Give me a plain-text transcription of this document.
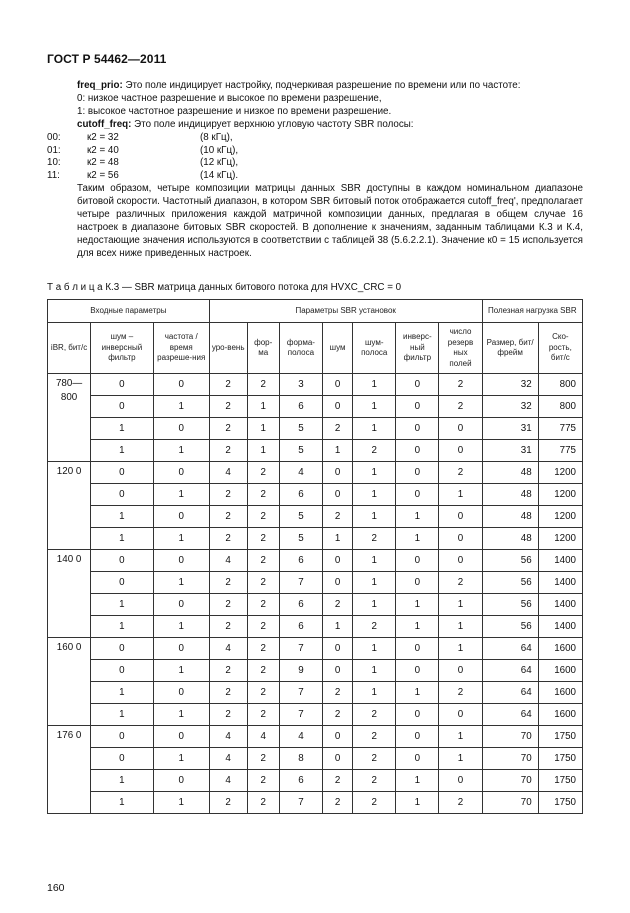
ГОСТ Р 54462—2011

freq_prio: Это поле индицирует настройку, подчеркивая разрешение по времени или по частоте:

0: низкое частное разрешение и высокое по времени разрешение,

1: высокое частотное разрешение и низкое по времени разрешение.

cutoff_freq: Это поле индицирует верхнюю угловую частоту SBR полосы:

00:	к2 = 32	(8 кГц),

01:	к2 = 40	(10 кГц),

10:	к2 = 48	(12 кГц),

11:	к2 = 56	(14 кГц).

Таким образом, четыре композиции матрицы данных SBR доступны в каждом номинальном диапазоне битовой скорости. Частотный диапазон, в котором SBR битовый поток отображается cutoff_freq', предполагает четыре различных приложения каждой матричной композиции данных, предлагая в общем случае 16 настроек в диапазоне битовых SBR скоростей. В дополнение к значениям, заданным таблицами К.3 и К.4, недостающие значения используются в соответствии с таблицей 38 (5.6.2.2.1). Значение к0 = 15 используется для всех ниже приведенных настроек.

Т а б л и ц а К.3 — SBR матрица данных битового потока для HVXC_CRC = 0
Входные параметры			Параметры SBR установок							Полезная нагрузка SBR	
iBR, бит/с	шум – инверсный фильтр	частота / время разреше-ния	уро-вень	фор-ма	форма-полоса	шум	шум-полоса	инверс-ный фильтр	число резерв ных полей	Размер, бит/фрейм	Ско-рость, бит/с
780—800	0	0	2	2	3	0	1	0	2	32	800
	0	1	2	1	6	0	1	0	2	32	800
	1	0	2	1	5	2	1	0	0	31	775
	1	1	2	1	5	1	2	0	0	31	775
120 0	0	0	4	2	4	0	1	0	2	48	1200
	0	1	2	2	6	0	1	0	1	48	1200
	1	0	2	2	5	2	1	1	0	48	1200
	1	1	2	2	5	1	2	1	0	48	1200
140 0	0	0	4	2	6	0	1	0	0	56	1400
	0	1	2	2	7	0	1	0	2	56	1400
	1	0	2	2	6	2	1	1	1	56	1400
	1	1	2	2	6	1	2	1	1	56	1400
160 0	0	0	4	2	7	0	1	0	1	64	1600
	0	1	2	2	9	0	1	0	0	64	1600
	1	0	2	2	7	2	1	1	2	64	1600
	1	1	2	2	7	2	2	0	0	64	1600
176 0	0	0	4	4	4	0	2	0	1	70	1750
	0	1	4	2	8	0	2	0	1	70	1750
	1	0	4	2	6	2	2	1	0	70	1750
	1	1	2	2	7	2	2	1	2	70	1750
160
